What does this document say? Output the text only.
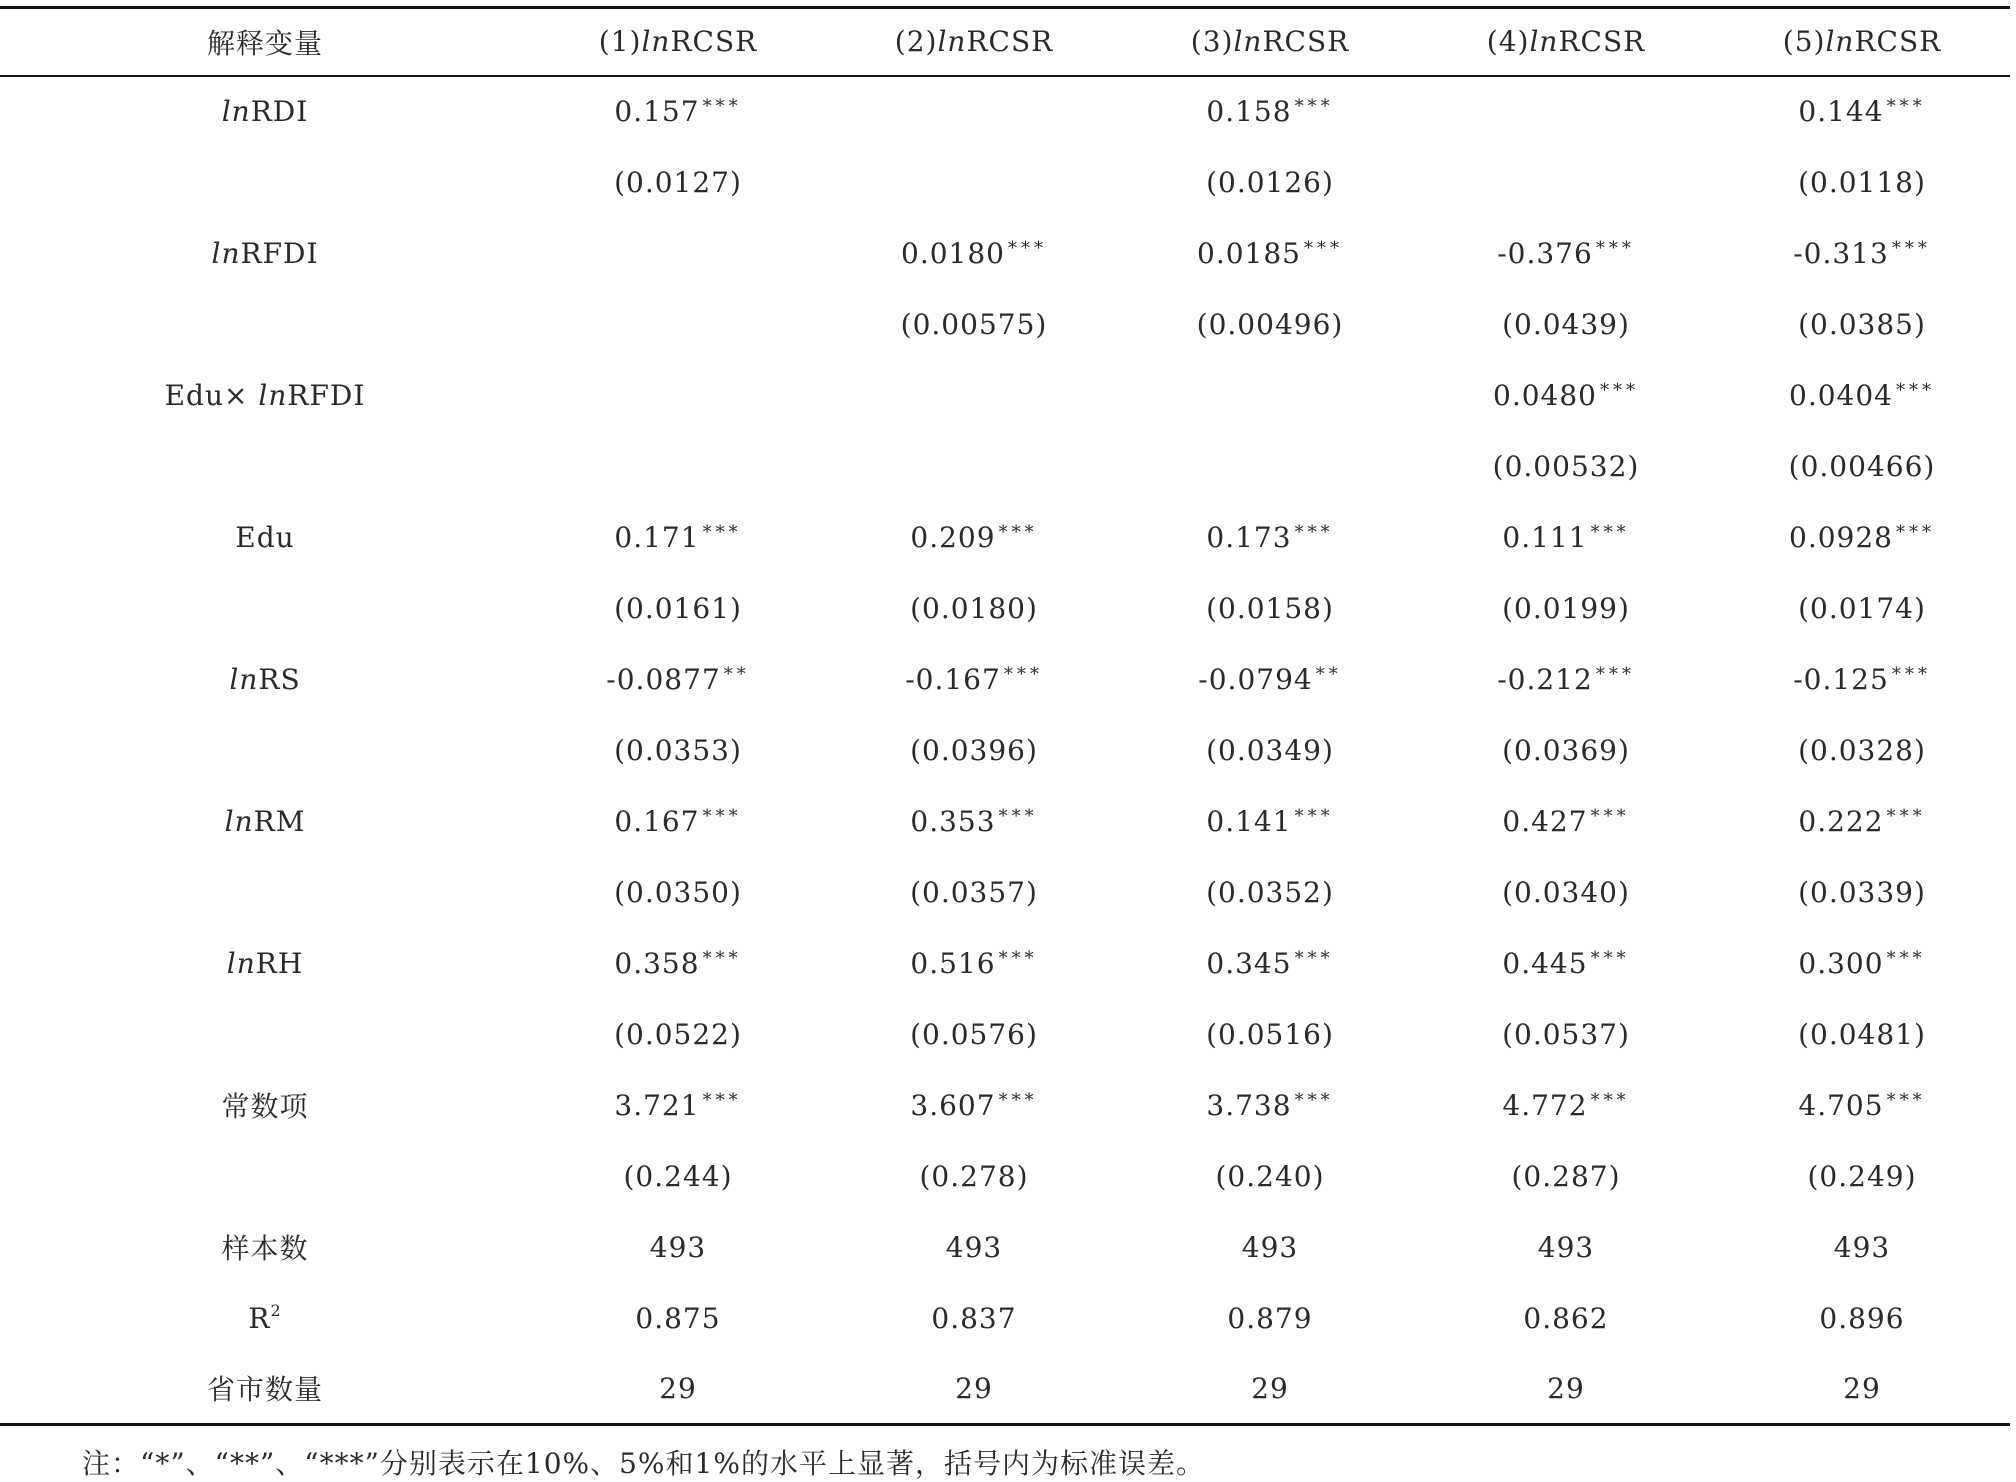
解释变量	(1)lnRCSR	(2)lnRCSR	(3)lnRCSR	(4)lnRCSR	(5)lnRCSR
lnRDI	0.157 ***		0.158 ***		0.144 ***
	(0.0127)		(0.0126)		(0.0118)
lnRFDI		0.0180 ***	0.0185 ***	-0.376 ***	-0.313 ***
		(0.00575)	(0.00496)	(0.0439)	(0.0385)
Edu× lnRFDI				0.0480 ***	0.0404 ***
				(0.00532)	(0.00466)
Edu	0.171 ***	0.209 ***	0.173 ***	0.111 ***	0.0928 ***
	(0.0161)	(0.0180)	(0.0158)	(0.0199)	(0.0174)
lnRS	-0.0877 **	-0.167 ***	-0.0794 **	-0.212 ***	-0.125 ***
	(0.0353)	(0.0396)	(0.0349)	(0.0369)	(0.0328)
lnRM	0.167 ***	0.353 ***	0.141 ***	0.427 ***	0.222 ***
	(0.0350)	(0.0357)	(0.0352)	(0.0340)	(0.0339)
lnRH	0.358 ***	0.516 ***	0.345 ***	0.445 ***	0.300 ***
	(0.0522)	(0.0576)	(0.0516)	(0.0537)	(0.0481)
常数项	3.721 ***	3.607 ***	3.738 ***	4.772 ***	4.705 ***
	(0.244)	(0.278)	(0.240)	(0.287)	(0.249)
样本数	493	493	493	493	493
$R^2$	0.875	0.837	0.879	0.862	0.896
省市数量	29	29	29	29	29
注：“*”、“**”、“***”分别表示在10%、5%和1%的水平上显著，括号内为标准误差。
